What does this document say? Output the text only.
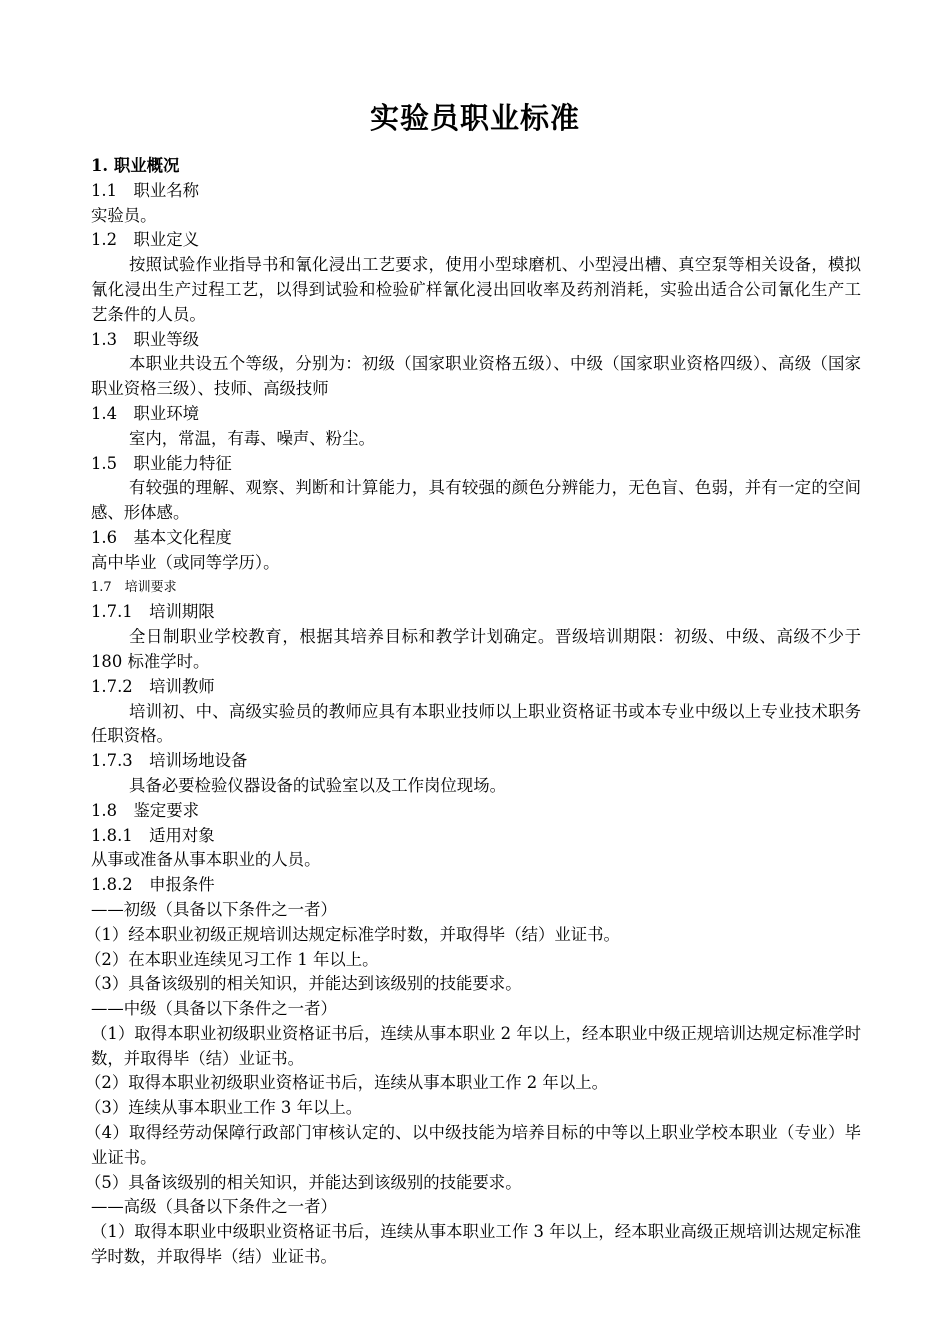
实验员职业标准

1. 职业概况

1.1　职业名称

实验员。

1.2　职业定义

按照试验作业指导书和氰化浸出工艺要求，使用小型球磨机、小型浸出槽、真空泵等相关设备，模拟氰化浸出生产过程工艺，以得到试验和检验矿样氰化浸出回收率及药剂消耗，实验出适合公司氰化生产工艺条件的人员。

1.3　职业等级

本职业共设五个等级，分别为：初级（国家职业资格五级）、中级（国家职业资格四级）、高级（国家职业资格三级）、技师、高级技师

1.4　职业环境

室内，常温，有毒、噪声、粉尘。

1.5　职业能力特征

有较强的理解、观察、判断和计算能力，具有较强的颜色分辨能力，无色盲、色弱，并有一定的空间感、形体感。

1.6　基本文化程度

高中毕业（或同等学历）。

1.7　培训要求

1.7.1　培训期限

全日制职业学校教育，根据其培养目标和教学计划确定。晋级培训期限：初级、中级、高级不少于 180 标准学时。

1.7.2　培训教师

培训初、中、高级实验员的教师应具有本职业技师以上职业资格证书或本专业中级以上专业技术职务任职资格。

1.7.3　培训场地设备

具备必要检验仪器设备的试验室以及工作岗位现场。

1.8　鉴定要求

1.8.1　适用对象

从事或准备从事本职业的人员。

1.8.2　申报条件

——初级（具备以下条件之一者）

（1）经本职业初级正规培训达规定标准学时数，并取得毕（结）业证书。

（2）在本职业连续见习工作 1 年以上。

（3）具备该级别的相关知识，并能达到该级别的技能要求。

——中级（具备以下条件之一者）

（1）取得本职业初级职业资格证书后，连续从事本职业 2 年以上，经本职业中级正规培训达规定标准学时数，并取得毕（结）业证书。

（2）取得本职业初级职业资格证书后，连续从事本职业工作 2 年以上。

（3）连续从事本职业工作 3 年以上。

（4）取得经劳动保障行政部门审核认定的、以中级技能为培养目标的中等以上职业学校本职业（专业）毕业证书。

（5）具备该级别的相关知识，并能达到该级别的技能要求。

——高级（具备以下条件之一者）

（1）取得本职业中级职业资格证书后，连续从事本职业工作 3 年以上，经本职业高级正规培训达规定标准学时数，并取得毕（结）业证书。
